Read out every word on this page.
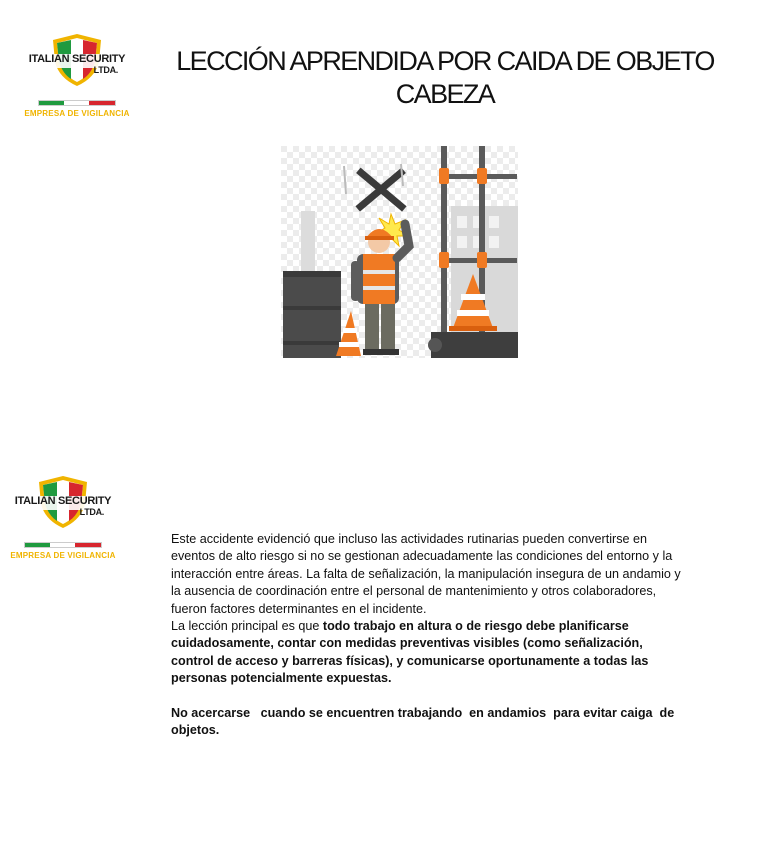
ITALIAN SECURITY
LTDA.
EMPRESA DE VIGILANCIA
LECCIÓN APRENDIDA POR CAIDA DE OBJETO
CABEZA
ITALIAN SECURITY
LTDA.
EMPRESA DE VIGILANCIA

Este accidente evidenció que incluso las actividades rutinarias pueden convertirse en eventos de alto riesgo si no se gestionan adecuadamente las condiciones del entorno y la interacción entre áreas. La falta de señalización, la manipulación insegura de un andamio y la ausencia de coordinación entre el personal de mantenimiento y otros colaboradores, fueron factores determinantes en el incidente.

La lección principal es que todo trabajo en altura o de riesgo debe planificarse cuidadosamente, contar con medidas preventivas visibles (como señalización, control de acceso y barreras físicas), y comunicarse oportunamente a todas las personas potencialmente expuestas.

No acercarse   cuando se encuentren trabajando  en andamios  para evitar caiga  de objetos.
